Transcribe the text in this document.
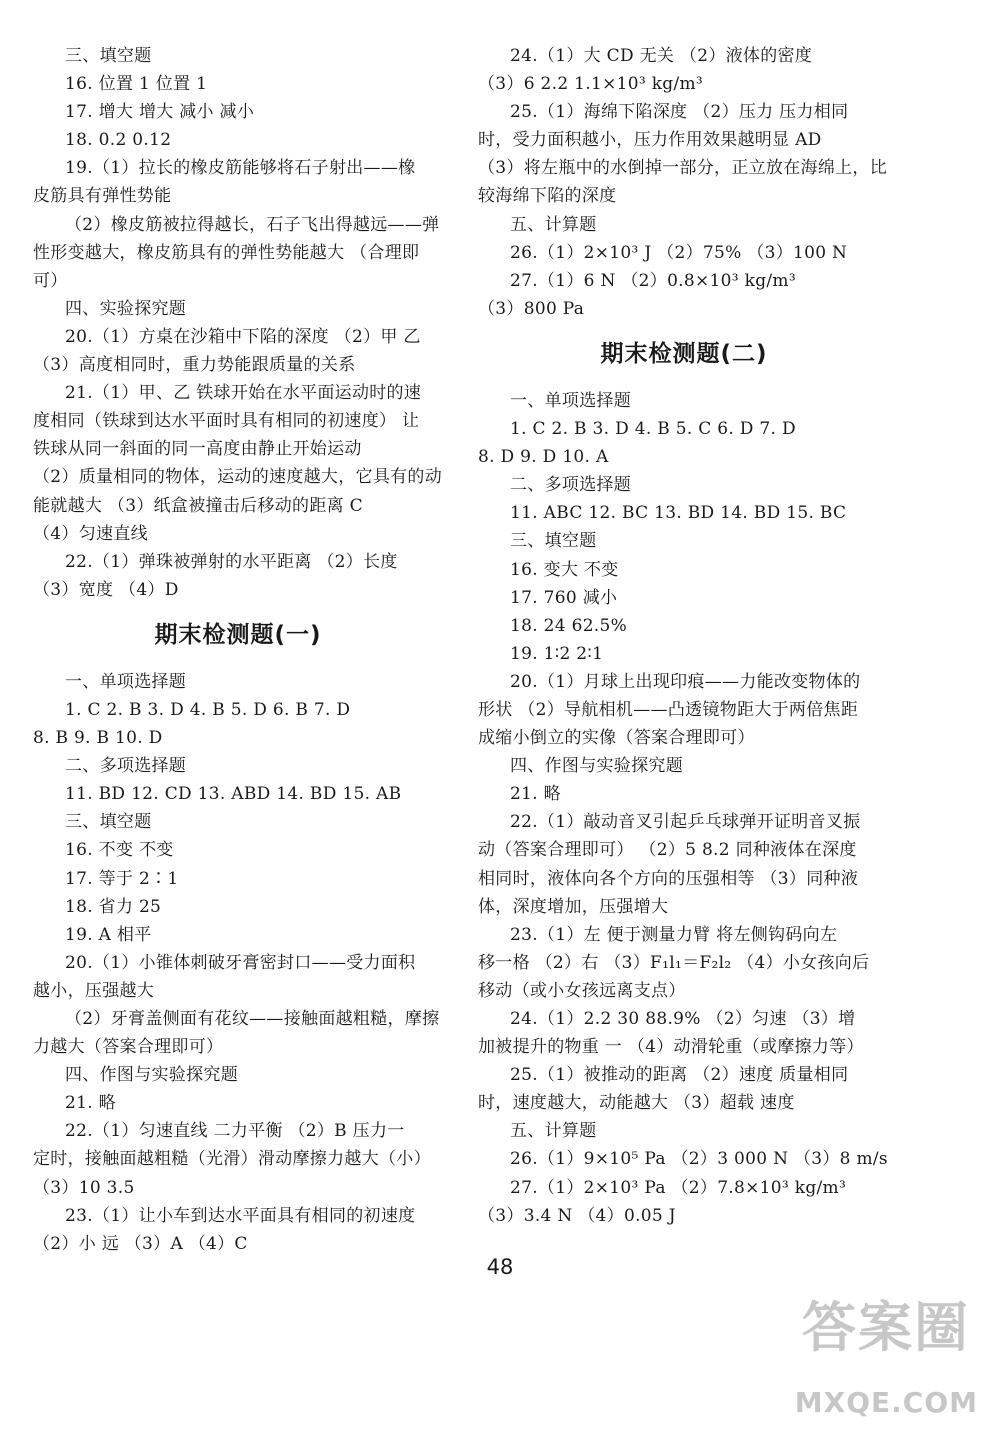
三、填空题
16. 位置 1 位置 1
17. 增大 增大 减小 减小
18. 0.2 0.12
19.（1）拉长的橡皮筋能够将石子射出——橡
皮筋具有弹性势能
（2）橡皮筋被拉得越长，石子飞出得越远——弹
性形变越大，橡皮筋具有的弹性势能越大 （合理即
可）
四、实验探究题
20.（1）方桌在沙箱中下陷的深度 （2）甲 乙
（3）高度相同时，重力势能跟质量的关系
21.（1）甲、乙 铁球开始在水平面运动时的速
度相同（铁球到达水平面时具有相同的初速度） 让
铁球从同一斜面的同一高度由静止开始运动
（2）质量相同的物体，运动的速度越大，它具有的动
能就越大 （3）纸盒被撞击后移动的距离 C
（4）匀速直线
22.（1）弹珠被弹射的水平距离 （2）长度
（3）宽度 （4）D
期末检测题(一)
一、单项选择题
1. C 2. B 3. D 4. B 5. D 6. B 7. D
8. B 9. B 10. D
二、多项选择题
11. BD 12. CD 13. ABD 14. BD 15. AB
三、填空题
16. 不变 不变
17. 等于 2∶1
18. 省力 25
19. A 相平
20.（1）小锥体刺破牙膏密封口——受力面积
越小，压强越大
（2）牙膏盖侧面有花纹——接触面越粗糙，摩擦
力越大（答案合理即可）
四、作图与实验探究题
21. 略
22.（1）匀速直线 二力平衡 （2）B 压力一
定时，接触面越粗糙（光滑）滑动摩擦力越大（小）
（3）10 3.5
23.（1）让小车到达水平面具有相同的初速度
（2）小 远 （3）A （4）C
24.（1）大 CD 无关 （2）液体的密度
（3）6 2.2 1.1×10³ kg/m³
25.（1）海绵下陷深度 （2）压力 压力相同
时，受力面积越小，压力作用效果越明显 AD
（3）将左瓶中的水倒掉一部分，正立放在海绵上，比
较海绵下陷的深度
五、计算题
26.（1）2×10³ J （2）75% （3）100 N
27.（1）6 N （2）0.8×10³ kg/m³
（3）800 Pa
期末检测题(二)
一、单项选择题
1. C 2. B 3. D 4. B 5. C 6. D 7. D
8. D 9. D 10. A
二、多项选择题
11. ABC 12. BC 13. BD 14. BD 15. BC
三、填空题
16. 变大 不变
17. 760 减小
18. 24 62.5%
19. 1∶2 2∶1
20.（1）月球上出现印痕——力能改变物体的
形状 （2）导航相机——凸透镜物距大于两倍焦距
成缩小倒立的实像（答案合理即可）
四、作图与实验探究题
21. 略
22.（1）敲动音叉引起乒乓球弹开证明音叉振
动（答案合理即可） （2）5 8.2 同种液体在深度
相同时，液体向各个方向的压强相等 （3）同种液
体，深度增加，压强增大
23.（1）左 便于测量力臂 将左侧钩码向左
移一格 （2）右 （3）F₁l₁＝F₂l₂ （4）小女孩向后
移动（或小女孩远离支点）
24.（1）2.2 30 88.9% （2）匀速 （3）增
加被提升的物重 一 （4）动滑轮重（或摩擦力等）
25.（1）被推动的距离 （2）速度 质量相同
时，速度越大，动能越大 （3）超载 速度
五、计算题
26.（1）9×10⁵ Pa （2）3 000 N （3）8 m/s
27.（1）2×10³ Pa （2）7.8×10³ kg/m³
（3）3.4 N （4）0.05 J
48
答案圈
MXQE.COM
